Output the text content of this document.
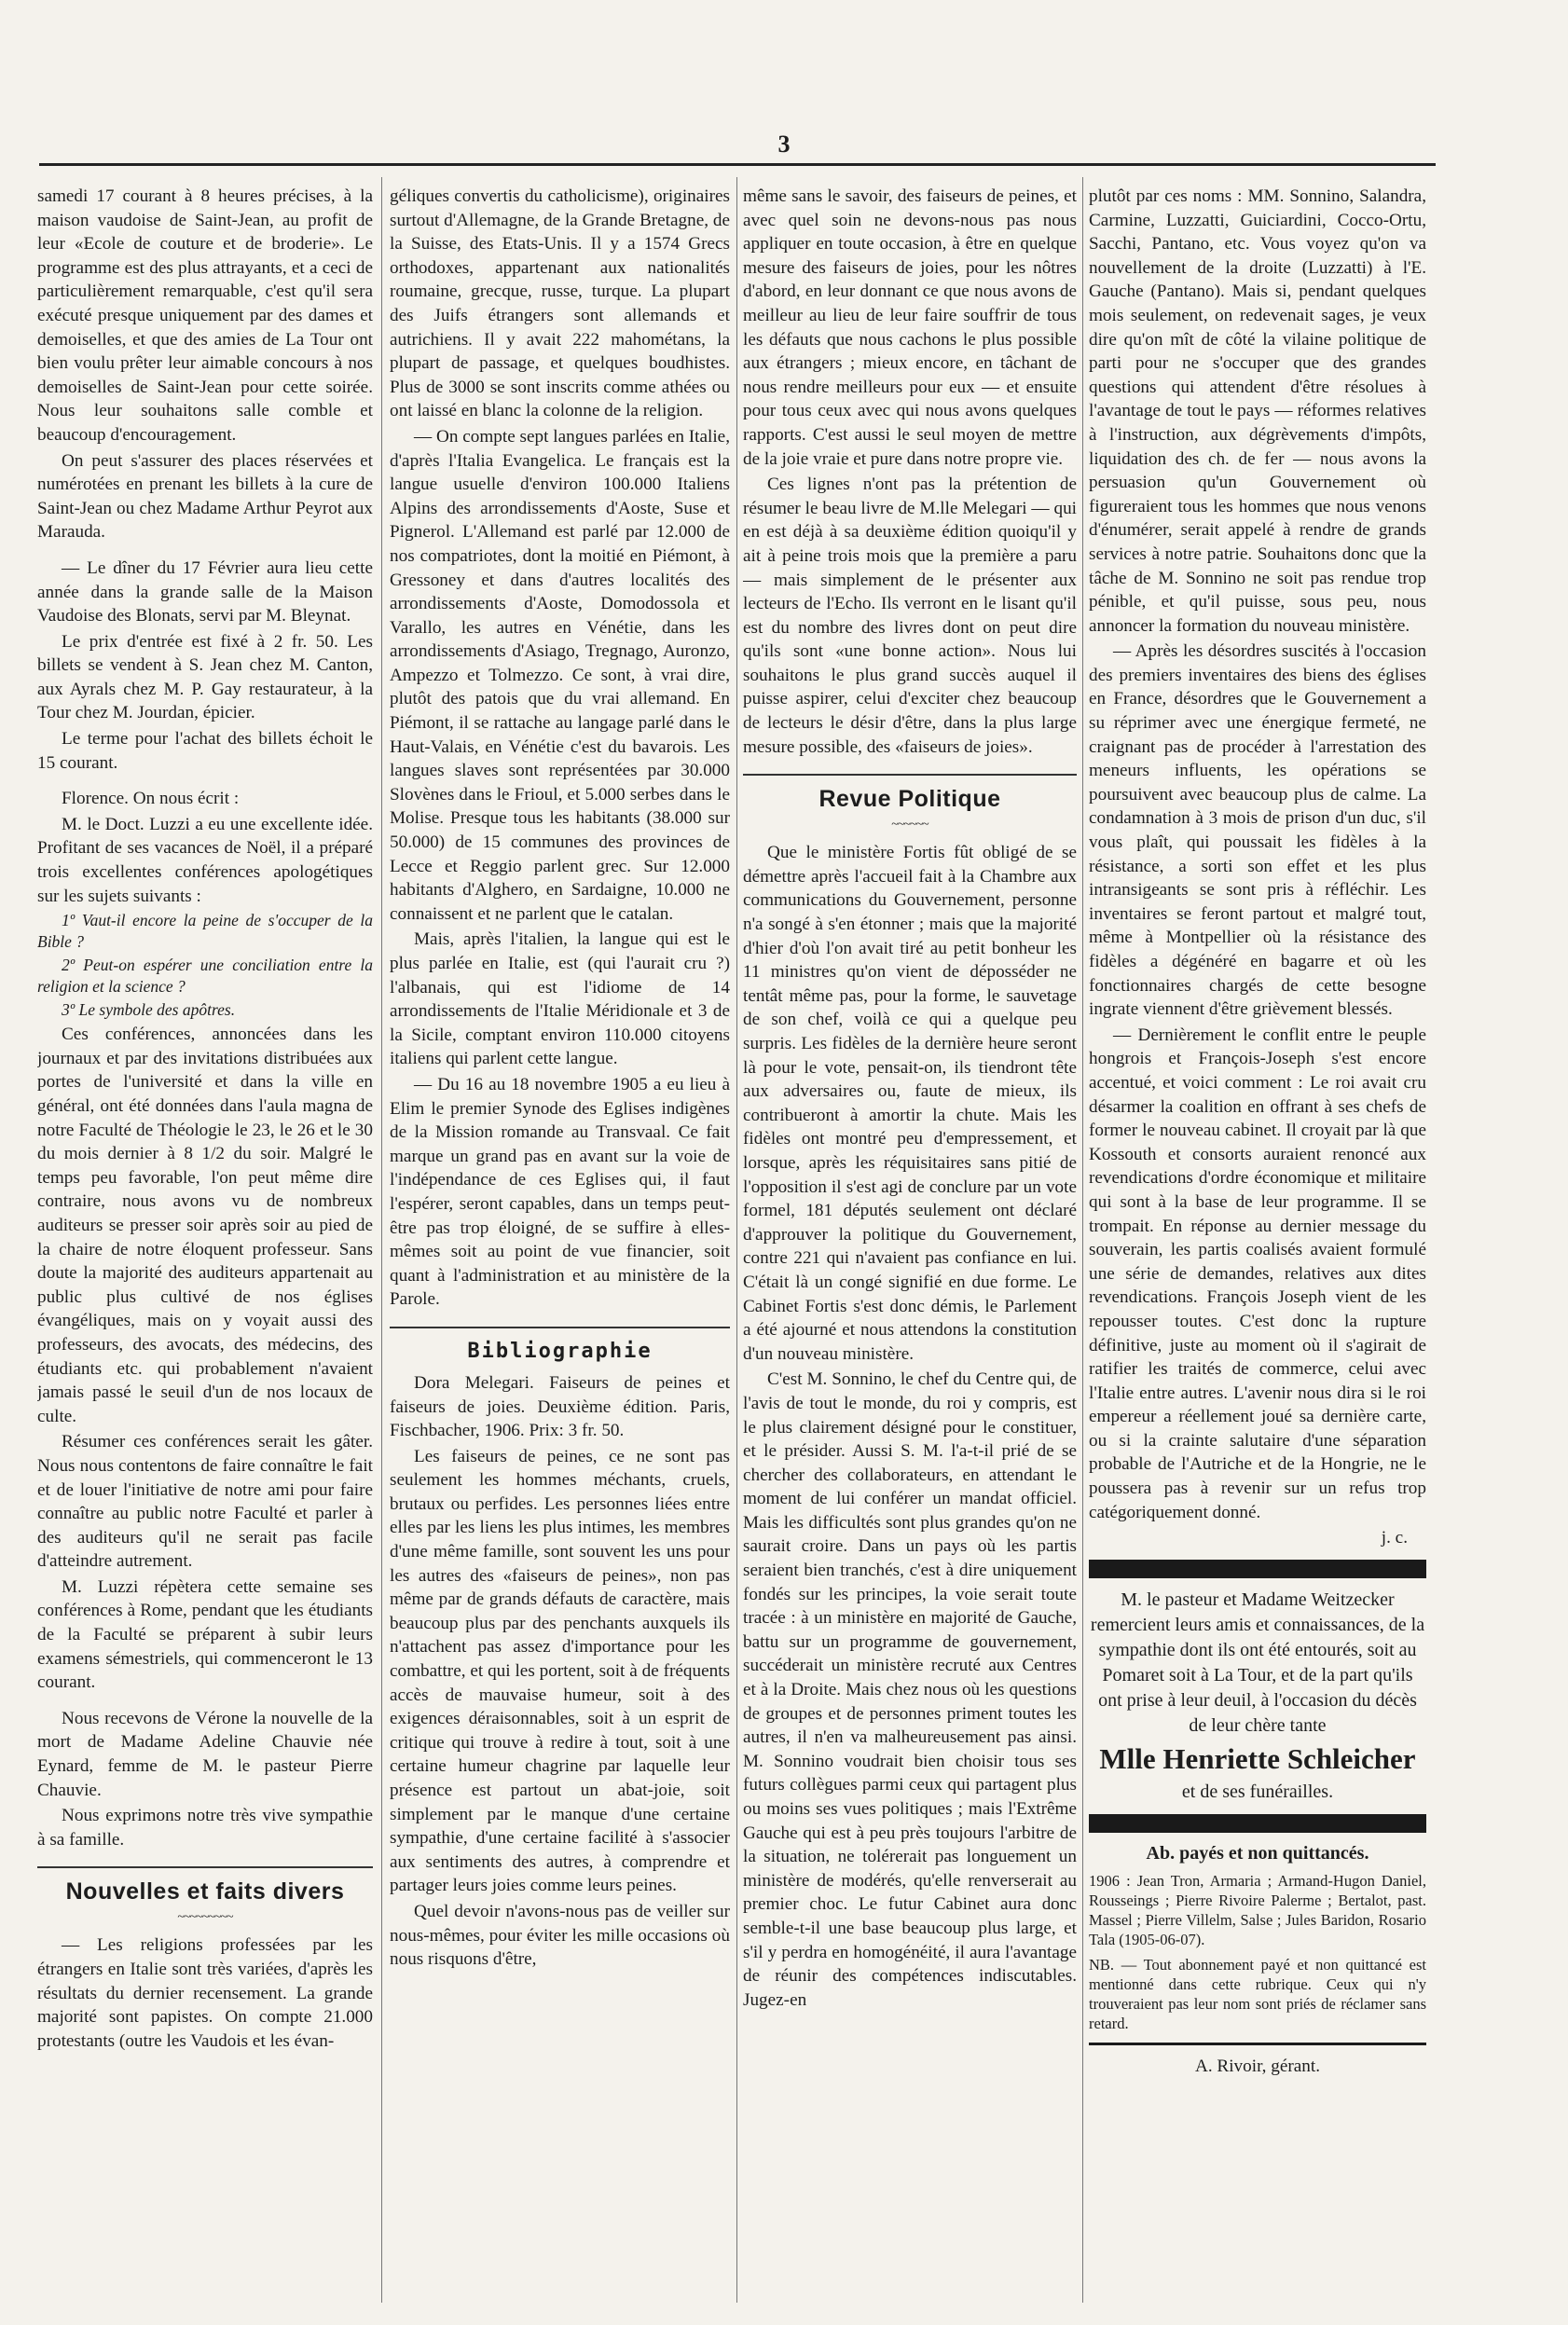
3

samedi 17 courant à 8 heures précises, à la maison vaudoise de Saint-Jean, au profit de leur «Ecole de couture et de broderie». Le programme est des plus attrayants, et a ceci de particulièrement remarquable, c'est qu'il sera exécuté presque uniquement par des dames et demoiselles, et que des amies de La Tour ont bien voulu prêter leur aimable concours à nos demoiselles de Saint-Jean pour cette soirée. Nous leur souhaitons salle comble et beaucoup d'encouragement.

On peut s'assurer des places réservées et numérotées en prenant les billets à la cure de Saint-Jean ou chez Madame Arthur Peyrot aux Marauda.

— Le dîner du 17 Février aura lieu cette année dans la grande salle de la Maison Vaudoise des Blonats, servi par M. Bleynat.

Le prix d'entrée est fixé à 2 fr. 50. Les billets se vendent à S. Jean chez M. Canton, aux Ayrals chez M. P. Gay restaurateur, à la Tour chez M. Jourdan, épicier.

Le terme pour l'achat des billets échoit le 15 courant.

Florence. On nous écrit :

M. le Doct. Luzzi a eu une excellente idée. Profitant de ses vacances de Noël, il a préparé trois excellentes conférences apologétiques sur les sujets suivants :

1º Vaut-il encore la peine de s'occuper de la Bible ?

2º Peut-on espérer une conciliation entre la religion et la science ?

3º Le symbole des apôtres.

Ces conférences, annoncées dans les journaux et par des invitations distribuées aux portes de l'université et dans la ville en général, ont été données dans l'aula magna de notre Faculté de Théologie le 23, le 26 et le 30 du mois dernier à 8 1/2 du soir. Malgré le temps peu favorable, l'on peut même dire contraire, nous avons vu de nombreux auditeurs se presser soir après soir au pied de la chaire de notre éloquent professeur. Sans doute la majorité des auditeurs appartenait au public plus cultivé de nos églises évangéliques, mais on y voyait aussi des professeurs, des avocats, des médecins, des étudiants etc. qui probablement n'avaient jamais passé le seuil d'un de nos locaux de culte.

Résumer ces conférences serait les gâter. Nous nous contentons de faire connaître le fait et de louer l'initiative de notre ami pour faire connaître au public notre Faculté et parler à des auditeurs qu'il ne serait pas facile d'atteindre autrement.

M. Luzzi répètera cette semaine ses conférences à Rome, pendant que les étudiants de la Faculté se préparent à subir leurs examens sémestriels, qui commenceront le 13 courant.

Nous recevons de Vérone la nouvelle de la mort de Madame Adeline Chauvie née Eynard, femme de M. le pasteur Pierre Chauvie.

Nous exprimons notre très vive sympathie à sa famille.

Nouvelles et faits divers
~~~~~~~~~

— Les religions professées par les étrangers en Italie sont très variées, d'après les résultats du dernier recensement. La grande majorité sont papistes. On compte 21.000 protestants (outre les Vaudois et les évan-

géliques convertis du catholicisme), originaires surtout d'Allemagne, de la Grande Bretagne, de la Suisse, des Etats-Unis. Il y a 1574 Grecs orthodoxes, appartenant aux nationalités roumaine, grecque, russe, turque. La plupart des Juifs étrangers sont allemands et autrichiens. Il y avait 222 mahométans, la plupart de passage, et quelques boudhistes. Plus de 3000 se sont inscrits comme athées ou ont laissé en blanc la colonne de la religion.

— On compte sept langues parlées en Italie, d'après l'Italia Evangelica. Le français est la langue usuelle d'environ 100.000 Italiens Alpins des arrondissements d'Aoste, Suse et Pignerol. L'Allemand est parlé par 12.000 de nos compatriotes, dont la moitié en Piémont, à Gressoney et dans d'autres localités des arrondissements d'Aoste, Domodossola et Varallo, les autres en Vénétie, dans les arrondissements d'Asiago, Tregnago, Auronzo, Ampezzo et Tolmezzo. Ce sont, à vrai dire, plutôt des patois que du vrai allemand. En Piémont, il se rattache au langage parlé dans le Haut-Valais, en Vénétie c'est du bavarois. Les langues slaves sont représentées par 30.000 Slovènes dans le Frioul, et 5.000 serbes dans le Molise. Presque tous les habitants (38.000 sur 50.000) de 15 communes des provinces de Lecce et Reggio parlent grec. Sur 12.000 habitants d'Alghero, en Sardaigne, 10.000 ne connaissent et ne parlent que le catalan.

Mais, après l'italien, la langue qui est le plus parlée en Italie, est (qui l'aurait cru ?) l'albanais, qui est l'idiome de 14 arrondissements de l'Italie Méridionale et 3 de la Sicile, comptant environ 110.000 citoyens italiens qui parlent cette langue.

— Du 16 au 18 novembre 1905 a eu lieu à Elim le premier Synode des Eglises indigènes de la Mission romande au Transvaal. Ce fait marque un grand pas en avant sur la voie de l'indépendance de ces Eglises qui, il faut l'espérer, seront capables, dans un temps peut-être pas trop éloigné, de se suffire à elles-mêmes soit au point de vue financier, soit quant à l'administration et au ministère de la Parole.

Bibliographie

Dora Melegari. Faiseurs de peines et faiseurs de joies. Deuxième édition. Paris, Fischbacher, 1906. Prix: 3 fr. 50.

Les faiseurs de peines, ce ne sont pas seulement les hommes méchants, cruels, brutaux ou perfides. Les personnes liées entre elles par les liens les plus intimes, les membres d'une même famille, sont souvent les uns pour les autres des «faiseurs de peines», non pas même par de grands défauts de caractère, mais beaucoup plus par des penchants auxquels ils n'attachent pas assez d'importance pour les combattre, et qui les portent, soit à de fréquents accès de mauvaise humeur, soit à des exigences déraisonnables, soit à un esprit de critique qui trouve à redire à tout, soit à une certaine humeur chagrine par laquelle leur présence est partout un abat-joie, soit simplement par le manque d'une certaine sympathie, d'une certaine facilité à s'associer aux sentiments des autres, à comprendre et partager leurs joies comme leurs peines.

Quel devoir n'avons-nous pas de veiller sur nous-mêmes, pour éviter les mille occasions où nous risquons d'être,

même sans le savoir, des faiseurs de peines, et avec quel soin ne devons-nous pas nous appliquer en toute occasion, à être en quelque mesure des faiseurs de joies, pour les nôtres d'abord, en leur donnant ce que nous avons de meilleur au lieu de leur faire souffrir de tous les défauts que nous cachons le plus possible aux étrangers ; mieux encore, en tâchant de nous rendre meilleurs pour eux — et ensuite pour tous ceux avec qui nous avons quelques rapports. C'est aussi le seul moyen de mettre de la joie vraie et pure dans notre propre vie.

Ces lignes n'ont pas la prétention de résumer le beau livre de M.lle Melegari — qui en est déjà à sa deuxième édition quoiqu'il y ait à peine trois mois que la première a paru — mais simplement de le présenter aux lecteurs de l'Echo. Ils verront en le lisant qu'il est du nombre des livres dont on peut dire qu'ils sont «une bonne action». Nous lui souhaitons le plus grand succès auquel il puisse aspirer, celui d'exciter chez beaucoup de lecteurs le désir d'être, dans la plus large mesure possible, des «faiseurs de joies».

Revue Politique
~~~~~~

Que le ministère Fortis fût obligé de se démettre après l'accueil fait à la Chambre aux communications du Gouvernement, personne n'a songé à s'en étonner ; mais que la majorité d'hier d'où l'on avait tiré au petit bonheur les 11 ministres qu'on vient de déposséder ne tentât même pas, pour la forme, le sauvetage de son chef, voilà ce qui a quelque peu surpris. Les fidèles de la dernière heure seront là pour le vote, pensait-on, ils tiendront tête aux adversaires ou, faute de mieux, ils contribueront à amortir la chute. Mais les fidèles ont montré peu d'empressement, et lorsque, après les réquisitaires sans pitié de l'opposition il s'est agi de conclure par un vote formel, 181 députés seulement ont déclaré d'approuver la politique du Gouvernement, contre 221 qui n'avaient pas confiance en lui. C'était là un congé signifié en due forme. Le Cabinet Fortis s'est donc démis, le Parlement a été ajourné et nous attendons la constitution d'un nouveau ministère.

C'est M. Sonnino, le chef du Centre qui, de l'avis de tout le monde, du roi y compris, est le plus clairement désigné pour le constituer, et le présider. Aussi S. M. l'a-t-il prié de se chercher des collaborateurs, en attendant le moment de lui conférer un mandat officiel. Mais les difficultés sont plus grandes qu'on ne saurait croire. Dans un pays où les partis seraient bien tranchés, c'est à dire uniquement fondés sur les principes, la voie serait toute tracée : à un ministère en majorité de Gauche, battu sur un programme de gouvernement, succéderait un ministère recruté aux Centres et à la Droite. Mais chez nous où les questions de groupes et de personnes priment toutes les autres, il n'en va malheureusement pas ainsi. M. Sonnino voudrait bien choisir tous ses futurs collègues parmi ceux qui partagent plus ou moins ses vues politiques ; mais l'Extrême Gauche qui est à peu près toujours l'arbitre de la situation, ne tolérerait pas longuement un ministère de modérés, qu'elle renverserait au premier choc. Le futur Cabinet aura donc semble-t-il une base beaucoup plus large, et s'il y perdra en homogénéité, il aura l'avantage de réunir des compétences indiscutables. Jugez-en

plutôt par ces noms : MM. Sonnino, Salandra, Carmine, Luzzatti, Guiciardini, Cocco-Ortu, Sacchi, Pantano, etc. Vous voyez qu'on va nouvellement de la droite (Luzzatti) à l'E. Gauche (Pantano). Mais si, pendant quelques mois seulement, on redevenait sages, je veux dire qu'on mît de côté la vilaine politique de parti pour ne s'occuper que des grandes questions qui attendent d'être résolues à l'avantage de tout le pays — réformes relatives à l'instruction, aux dégrèvements d'impôts, liquidation des ch. de fer — nous avons la persuasion qu'un Gouvernement où figureraient tous les hommes que nous venons d'énumérer, serait appelé à rendre de grands services à notre patrie. Souhaitons donc que la tâche de M. Sonnino ne soit pas rendue trop pénible, et qu'il puisse, sous peu, nous annoncer la formation du nouveau ministère.

— Après les désordres suscités à l'occasion des premiers inventaires des biens des églises en France, désordres que le Gouvernement a su réprimer avec une énergique fermeté, ne craignant pas de procéder à l'arrestation des meneurs influents, les opérations se poursuivent avec beaucoup plus de calme. La condamnation à 3 mois de prison d'un duc, s'il vous plaît, qui poussait les fidèles à la résistance, a sorti son effet et les plus intransigeants se sont pris à réfléchir. Les inventaires se feront partout et malgré tout, même à Montpellier où la résistance des fidèles a dégénéré en bagarre et où les fonctionnaires chargés de cette besogne ingrate viennent d'être grièvement blessés.

— Dernièrement le conflit entre le peuple hongrois et François-Joseph s'est encore accentué, et voici comment : Le roi avait cru désarmer la coalition en offrant à ses chefs de former le nouveau cabinet. Il croyait par là que Kossouth et consorts auraient renoncé aux revendications d'ordre économique et militaire qui sont à la base de leur programme. Il se trompait. En réponse au dernier message du souverain, les partis coalisés avaient formulé une série de demandes, relatives aux dites revendications. François Joseph vient de les repousser toutes. C'est donc la rupture définitive, juste au moment où il s'agirait de ratifier les traités de commerce, celui avec l'Italie entre autres. L'avenir nous dira si le roi empereur a réellement joué sa dernière carte, ou si la crainte salutaire d'une séparation probable de l'Autriche et de la Hongrie, ne le poussera pas à revenir sur un refus trop catégoriquement donné.

j. c.

M. le pasteur et Madame Weitzecker remercient leurs amis et connaissances, de la sympathie dont ils ont été entourés, soit au Pomaret soit à La Tour, et de la part qu'ils ont prise à leur deuil, à l'occasion du décès de leur chère tante

Mlle Henriette Schleicher

et de ses funérailles.

Ab. payés et non quittancés.

1906 : Jean Tron, Armaria ; Armand-Hugon Daniel, Rousseings ; Pierre Rivoire Palerme ; Bertalot, past. Massel ; Pierre Villelm, Salse ; Jules Baridon, Rosario Tala (1905-06-07).

NB. — Tout abonnement payé et non quittancé est mentionné dans cette rubrique. Ceux qui n'y trouveraient pas leur nom sont priés de réclamer sans retard.

A. Rivoir, gérant.
